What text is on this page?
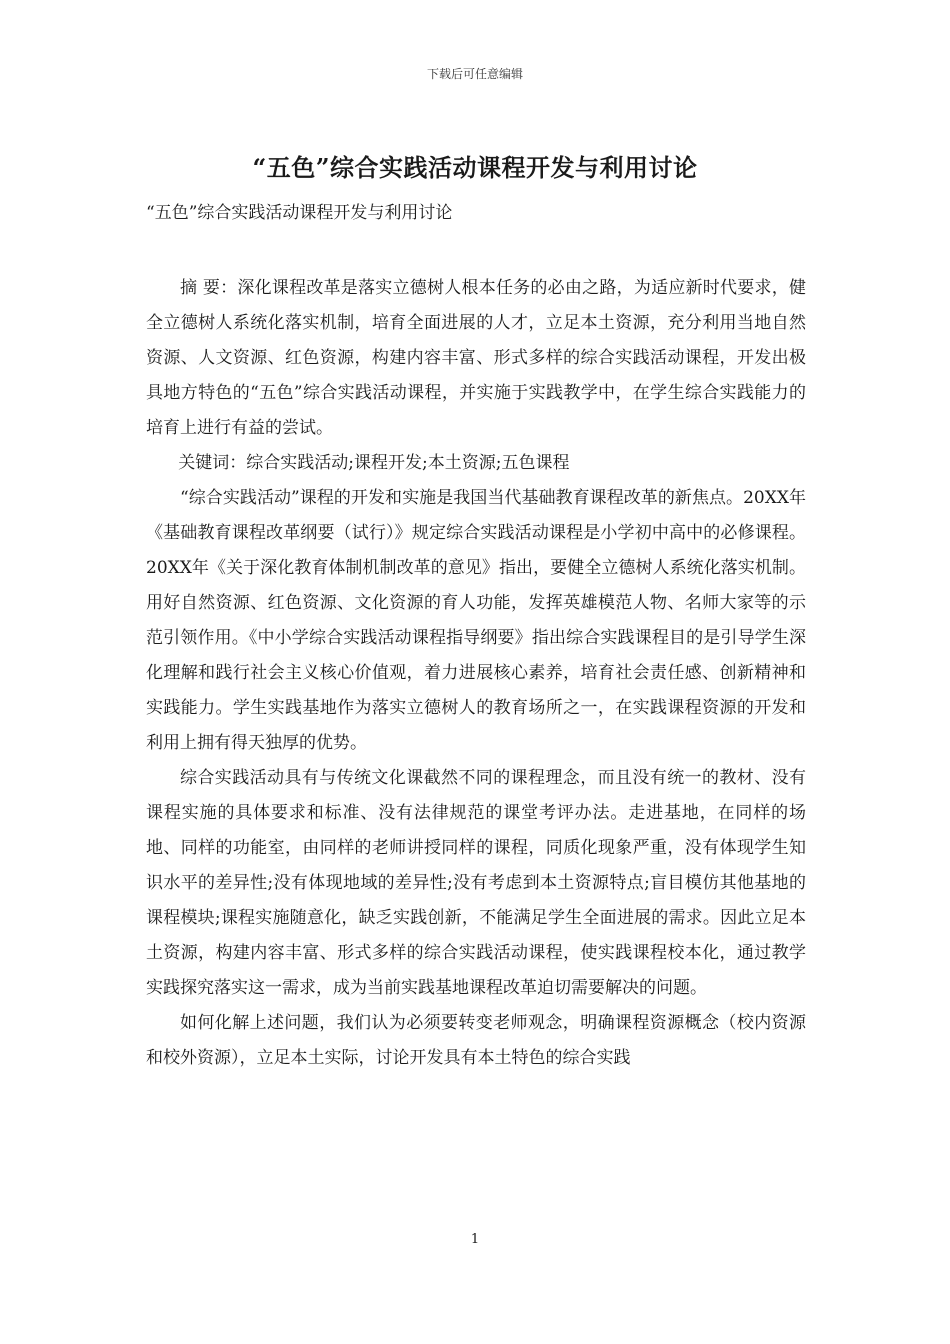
下载后可任意编辑
“五色”综合实践活动课程开发与利用讨论
“五色”综合实践活动课程开发与利用讨论

摘 要：深化课程改革是落实立德树人根本任务的必由之路，为适应新时代要求，健全立德树人系统化落实机制，培育全面进展的人才，立足本土资源，充分利用当地自然资源、人文资源、红色资源，构建内容丰富、形式多样的综合实践活动课程，开发出极具地方特色的“五色”综合实践活动课程，并实施于实践教学中，在学生综合实践能力的培育上进行有益的尝试。

关键词：综合实践活动;课程开发;本土资源;五色课程

“综合实践活动”课程的开发和实施是我国当代基础教育课程改革的新焦点。20XX年《基础教育课程改革纲要（试行）》规定综合实践活动课程是小学初中高中的必修课程。20XX年《关于深化教育体制机制改革的意见》指出，要健全立德树人系统化落实机制。用好自然资源、红色资源、文化资源的育人功能，发挥英雄模范人物、名师大家等的示范引领作用。《中小学综合实践活动课程指导纲要》指出综合实践课程目的是引导学生深化理解和践行社会主义核心价值观，着力进展核心素养，培育社会责任感、创新精神和实践能力。学生实践基地作为落实立德树人的教育场所之一，在实践课程资源的开发和利用上拥有得天独厚的优势。

综合实践活动具有与传统文化课截然不同的课程理念，而且没有统一的教材、没有课程实施的具体要求和标准、没有法律规范的课堂考评办法。走进基地，在同样的场地、同样的功能室，由同样的老师讲授同样的课程，同质化现象严重，没有体现学生知识水平的差异性;没有体现地域的差异性;没有考虑到本土资源特点;盲目模仿其他基地的课程模块;课程实施随意化，缺乏实践创新，不能满足学生全面进展的需求。因此立足本土资源，构建内容丰富、形式多样的综合实践活动课程，使实践课程校本化，通过教学实践探究落实这一需求，成为当前实践基地课程改革迫切需要解决的问题。

如何化解上述问题，我们认为必须要转变老师观念，明确课程资源概念（校内资源和校外资源），立足本土实际，讨论开发具有本土特色的综合实践

1
